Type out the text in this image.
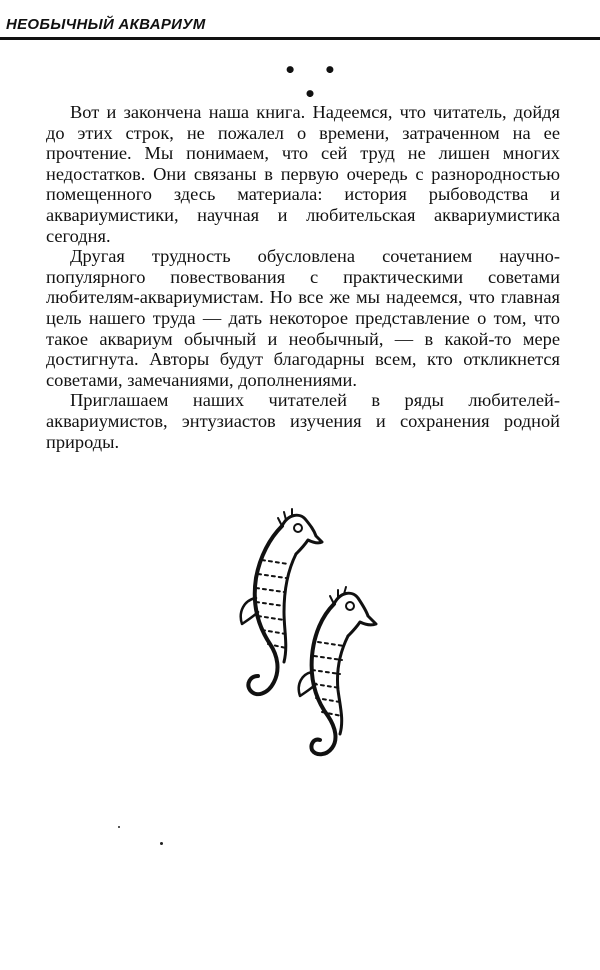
НЕОБЫЧНЫЙ АКВАРИУМ
• • •

Вот и закончена наша книга. Надеемся, что читатель, дойдя до этих строк, не пожалел о времени, затраченном на ее прочтение. Мы понимаем, что сей труд не лишен многих недостатков. Они связаны в первую очередь с разнородностью помещенного здесь материала: история рыбоводства и аквариумистики, научная и любительская аквариумистика сегодня.

Другая трудность обусловлена сочетанием научно-популярного повествования с практическими советами любителям-аквариумистам. Но все же мы надеемся, что главная цель нашего труда — дать некоторое представление о том, что такое аквариум обычный и необычный, — в какой-то мере достигнута. Авторы будут благодарны всем, кто откликнется советами, замечаниями, дополнениями.

Приглашаем наших читателей в ряды любителей-аквариумистов, энтузиастов изучения и сохранения родной природы.
